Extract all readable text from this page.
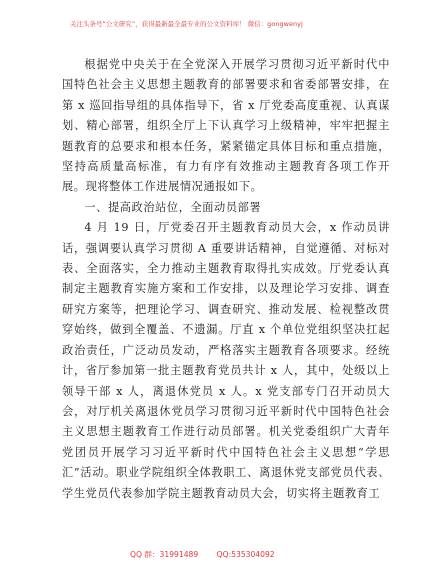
关注头条号“公文研究”，获得最新最全最专业的公文资料库！ 微信：gongwenyj

根据党中央关于在全党深入开展学习贯彻习近平新时代中国特色社会主义思想主题教育的部署要求和省委部署安排，在第 x 巡回指导组的具体指导下，省 x 厅党委高度重视、认真谋划、精心部署，组织全厅上下认真学习上级精神，牢牢把握主题教育的总要求和根本任务，紧紧锚定具体目标和重点措施，坚持高质量高标准，有力有序有效推动主题教育各项工作开展。现将整体工作进展情况通报如下。

一、提高政治站位，全面动员部署

4 月 19 日，厅党委召开主题教育动员大会，x 作动员讲话，强调要认真学习贯彻 A 重要讲话精神，自觉遵循、对标对表、全面落实，全力推动主题教育取得扎实成效。厅党委认真制定主题教育实施方案和工作安排，以及理论学习安排、调查研究方案等，把理论学习、调查研究、推动发展、检视整改贯穿始终，做到全覆盖、不遗漏。厅直 x 个单位党组织坚决扛起政治责任，广泛动员发动，严格落实主题教育各项要求。经统计，省厅参加第一批主题教育党员共计 x 人，其中，处级以上领导干部 x 人，离退休党员 x 人。x 党支部专门召开动员大会，对厅机关离退休党员学习贯彻习近平新时代中国特色社会主义思想主题教育工作进行动员部署。机关党委组织广大青年党团员开展学习习近平新时代中国特色社会主义思想“学思汇”活动。职业学院组织全体教职工、离退休党支部党员代表、学生党员代表参加学院主题教育动员大会，切实将主题教育工

QQ 群：31991489 QQ:535304092
